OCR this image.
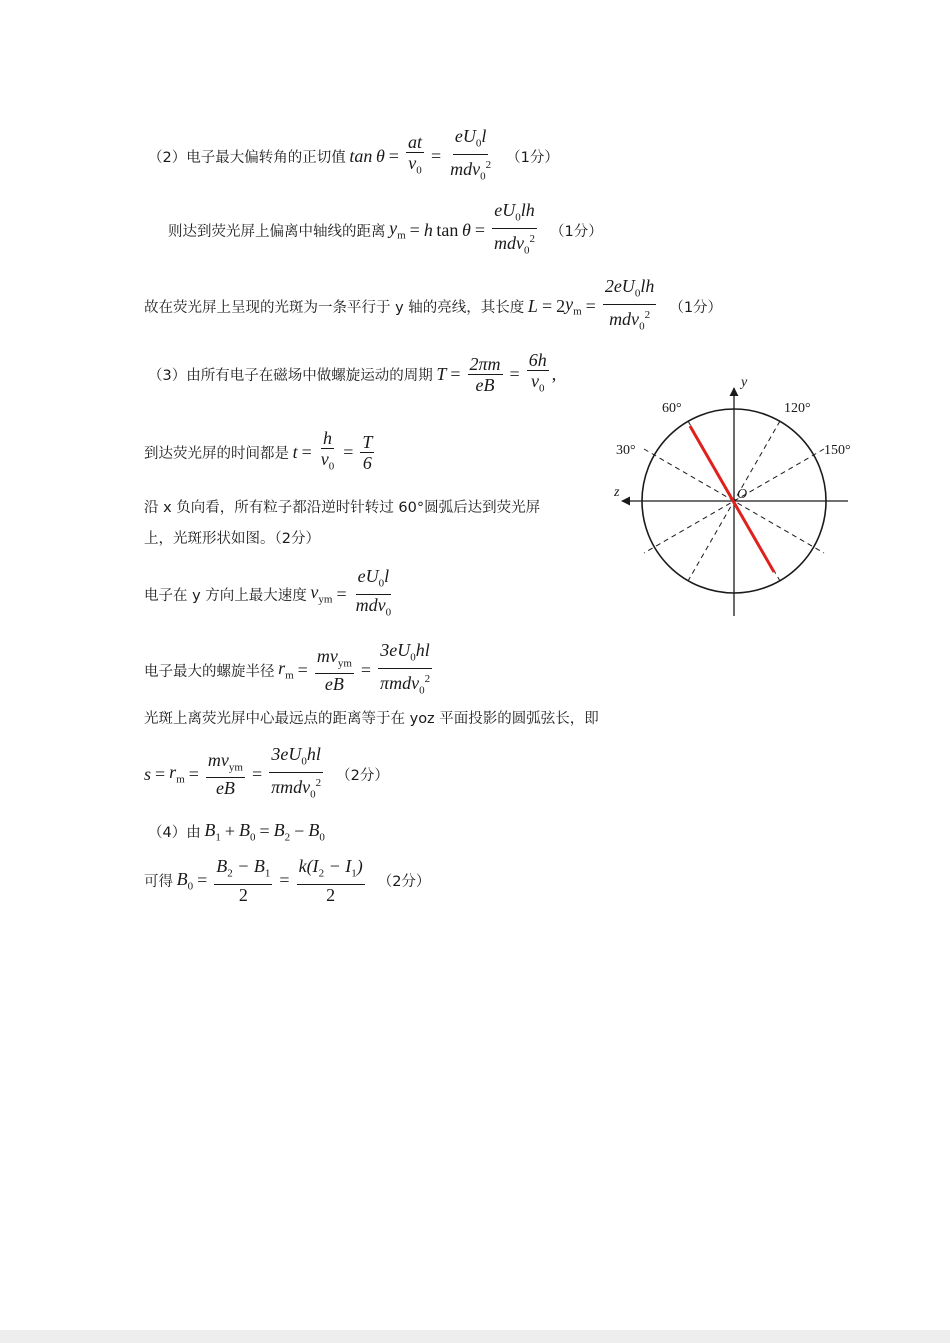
（2）电子最大偏转角的正切值  $\tan \theta = \frac{at}{v_0} = \frac{eU_0l}{mdv_0^2} (1$分）
则达到荧光屏上偏离中轴线的距离  $y_m = h$  $\tan \theta = \frac{eU_0lh}{mdv_0^2} (1$分）
故在荧光屏上呈现的光斑为一条平行于 y 轴的亮线，其长度  L = 2 $y_m = \frac{2eU_0lh}{mdv_0^2} (1$分）
（3）由所有电子在磁场中做螺旋运动的周期  $T = \frac{2\pi m}{eB} = \frac{6h}{v_0}$ ,
到达荧光屏的时间都是  $t = \frac{h}{v_0} = \frac{T}{6}$
沿 x 负向看，所有粒子都沿逆时针转过 60°圆弧后达到荧光屏
上，光斑形状如图。（2分）
电子在 y 方向上最大速度  $v_{ym} = \frac{eU_0l}{mdv_0}$
电子最大的螺旋半径  $r_m = \frac{mv_{ym}}{eB} = \frac{3eU_0hl}{\pi mdv_0^2}$
光斑上离荧光屏中心最远点的距离等于在 yoz 平面投影的圆弧弦长，即
$s = r_m = \frac{mv_{ym}}{eB} = \frac{3eU_0hl}{\pi mdv_0^2} (2$分）
（4）由  $B_1 + B_0 = B_2 - B_0$
可得  $B_0 = \frac{B_2 - B_1}{2} = \frac{k(I_2 - I_1)}{2} (2$分）
y
z	O
30°
60°	120°
150°
